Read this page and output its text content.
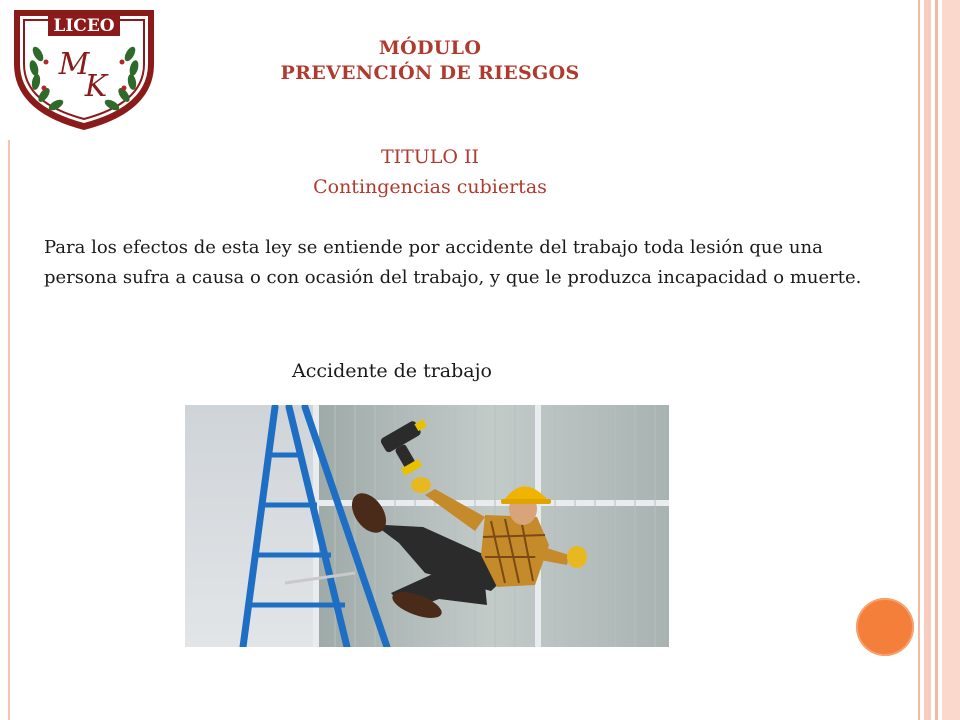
LICEO
M
K
MÓDULO
PREVENCIÓN DE RIESGOS
TITULO II
Contingencias cubiertas
Para los efectos de esta ley se entiende por accidente del trabajo toda lesión que una persona sufra a causa o con ocasión del trabajo, y que le produzca incapacidad o muerte.
Accidente de trabajo
